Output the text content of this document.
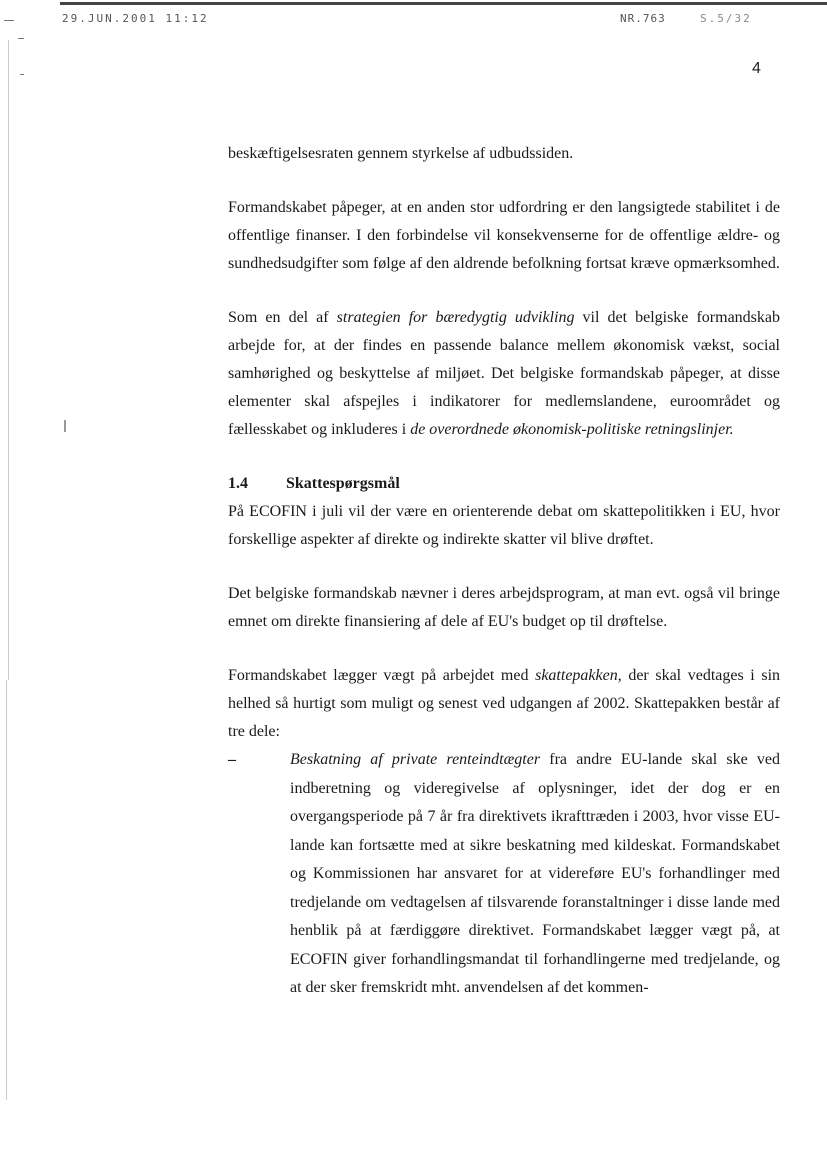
29.JUN.2001 11:12	NR.763	S.5/32
4

beskæftigelsesraten gennem styrkelse af udbudssiden.

Formandskabet påpeger, at en anden stor udfordring er den langsigtede stabilitet i de offentlige finanser. I den forbindelse vil konsekvenserne for de offentlige ældre- og sundhedsudgifter som følge af den aldrende befolkning fortsat kræve opmærksomhed.

Som en del af strategien for bæredygtig udvikling vil det belgiske formandskab arbejde for, at der findes en passende balance mellem økonomisk vækst, social samhørighed og beskyttelse af miljøet. Det belgiske formandskab påpeger, at disse elementer skal afspejles i indikatorer for medlemslandene, euroområdet og fællesskabet og inkluderes i de overordnede økonomisk-politiske retningslinjer.

1.4 Skattespørgsmål

På ECOFIN i juli vil der være en orienterende debat om skattepolitikken i EU, hvor forskellige aspekter af direkte og indirekte skatter vil blive drøftet.

Det belgiske formandskab nævner i deres arbejdsprogram, at man evt. også vil bringe emnet om direkte finansiering af dele af EU's budget op til drøftelse.

Formandskabet lægger vægt på arbejdet med skattepakken, der skal vedtages i sin helhed så hurtigt som muligt og senest ved udgangen af 2002. Skattepakken består af tre dele:

–	Beskatning af private renteindtægter fra andre EU-lande skal ske ved indberetning og videregivelse af oplysninger, idet der dog er en overgangsperiode på 7 år fra direktivets ikrafttræden i 2003, hvor visse EU-lande kan fortsætte med at sikre beskatning med kildeskat. Formandskabet og Kommissionen har ansvaret for at videreføre EU's forhandlinger med tredjelande om vedtagelsen af tilsvarende foranstaltninger i disse lande med henblik på at færdiggøre direktivet. Formandskabet lægger vægt på, at ECOFIN giver forhandlingsmandat til forhandlingerne med tredjelande, og at der sker fremskridt mht. anvendelsen af det kommen-
